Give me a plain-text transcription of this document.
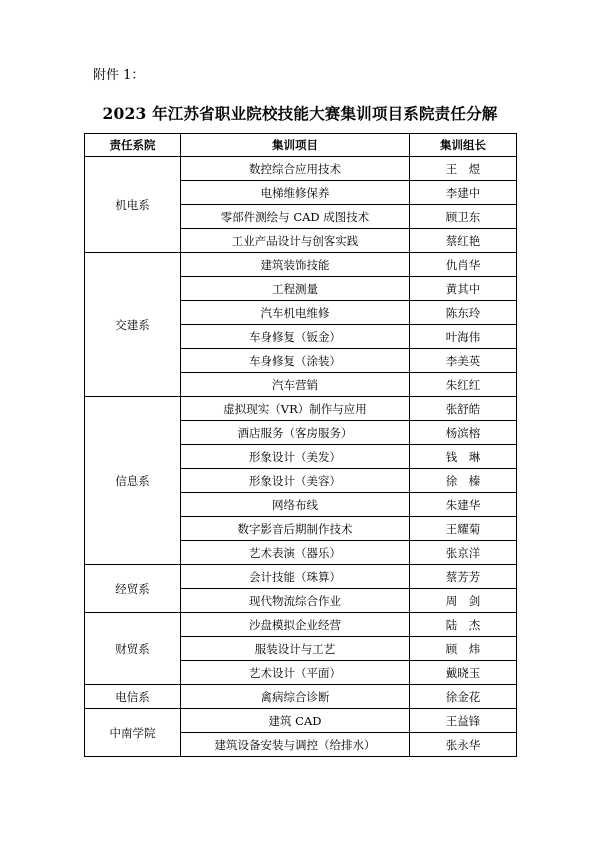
附件 1：
2023 年江苏省职业院校技能大赛集训项目系院责任分解
责任系院	集训项目	集训组长
机电系	数控综合应用技术	王　煜
	电梯维修保养	李建中
	零部件测绘与 CAD 成图技术	顾卫东
	工业产品设计与创客实践	蔡红艳
交建系	建筑装饰技能	仇肖华
	工程测量	黄其中
	汽车机电维修	陈东玲
	车身修复（钣金）	叶海伟
	车身修复（涂装）	李美英
	汽车营销	朱红红
信息系	虚拟现实（VR）制作与应用	张舒皓
	酒店服务（客房服务）	杨滨榕
	形象设计（美发）	钱　琳
	形象设计（美容）	徐　榛
	网络布线	朱建华
	数字影音后期制作技术	王耀菊
	艺术表演（器乐）	张京洋
经贸系	会计技能（珠算）	蔡芳芳
	现代物流综合作业	周　剑
财贸系	沙盘模拟企业经营	陆　杰
	服装设计与工艺	顾　炜
	艺术设计（平面）	戴晓玉
电信系	禽病综合诊断	徐金花
中南学院	建筑 CAD	王益锋
	建筑设备安装与调控（给排水）	张永华
